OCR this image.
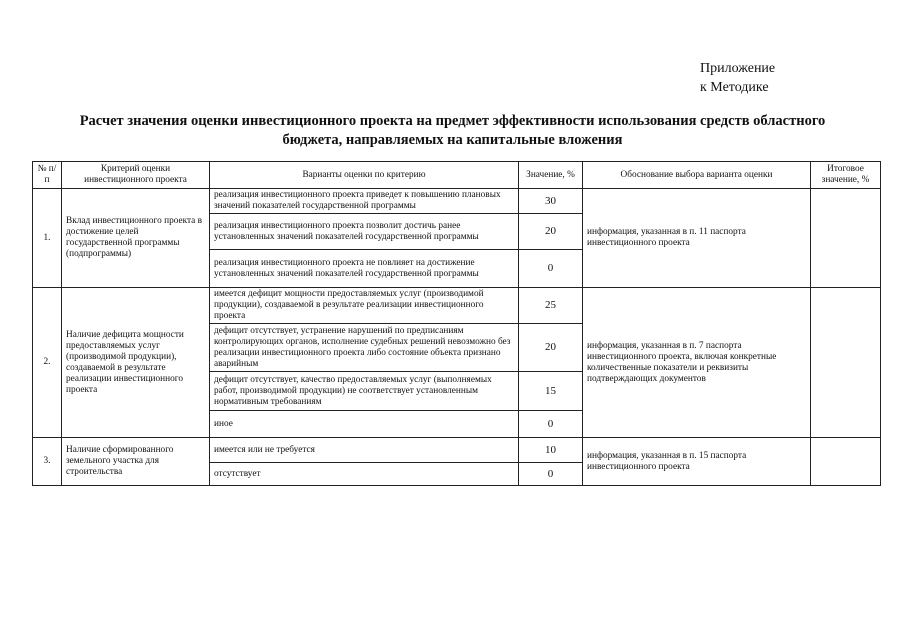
Приложение
к Методике
Расчет значения оценки инвестиционного проекта на предмет эффективности использования средств областного
бюджета, направляемых на капитальные вложения
№ п/п	Критерий оценки инвестиционного проекта	Варианты оценки по критерию	Значение, %	Обоснование выбора варианта оценки	Итоговое значение, %
1.	Вклад инвестиционного проекта в достижение целей государственной программы (подпрограммы)	реализация инвестиционного проекта приведет к повышению плановых значений показателей государственной программы	30	информация, указанная в п. 11 паспорта инвестиционного проекта	
		реализация инвестиционного проекта позволит достичь ранее установленных значений показателей государственной программы	20		
		реализация инвестиционного проекта не повлияет на достижение установленных значений показателей государственной программы	0		
2.	Наличие дефицита мощности предоставляемых услуг (производимой продукции), создаваемой в результате реализации инвестиционного проекта	имеется дефицит мощности предоставляемых услуг (производимой продукции), создаваемой в результате реализации инвестиционного проекта	25	информация, указанная в п. 7 паспорта инвестиционного проекта, включая конкретные количественные показатели и реквизиты подтверждающих документов	
		дефицит отсутствует, устранение нарушений по предписаниям контролирующих органов, исполнение судебных решений невозможно без реализации инвестиционного проекта либо состояние объекта признано аварийным	20		
		дефицит отсутствует, качество предоставляемых услуг (выполняемых работ, производимой продукции) не соответствует установленным нормативным требованиям	15		
		иное	0		
3.	Наличие сформированного земельного участка для строительства	имеется или не требуется	10	информация, указанная в п. 15 паспорта инвестиционного проекта	
		отсутствует	0		
